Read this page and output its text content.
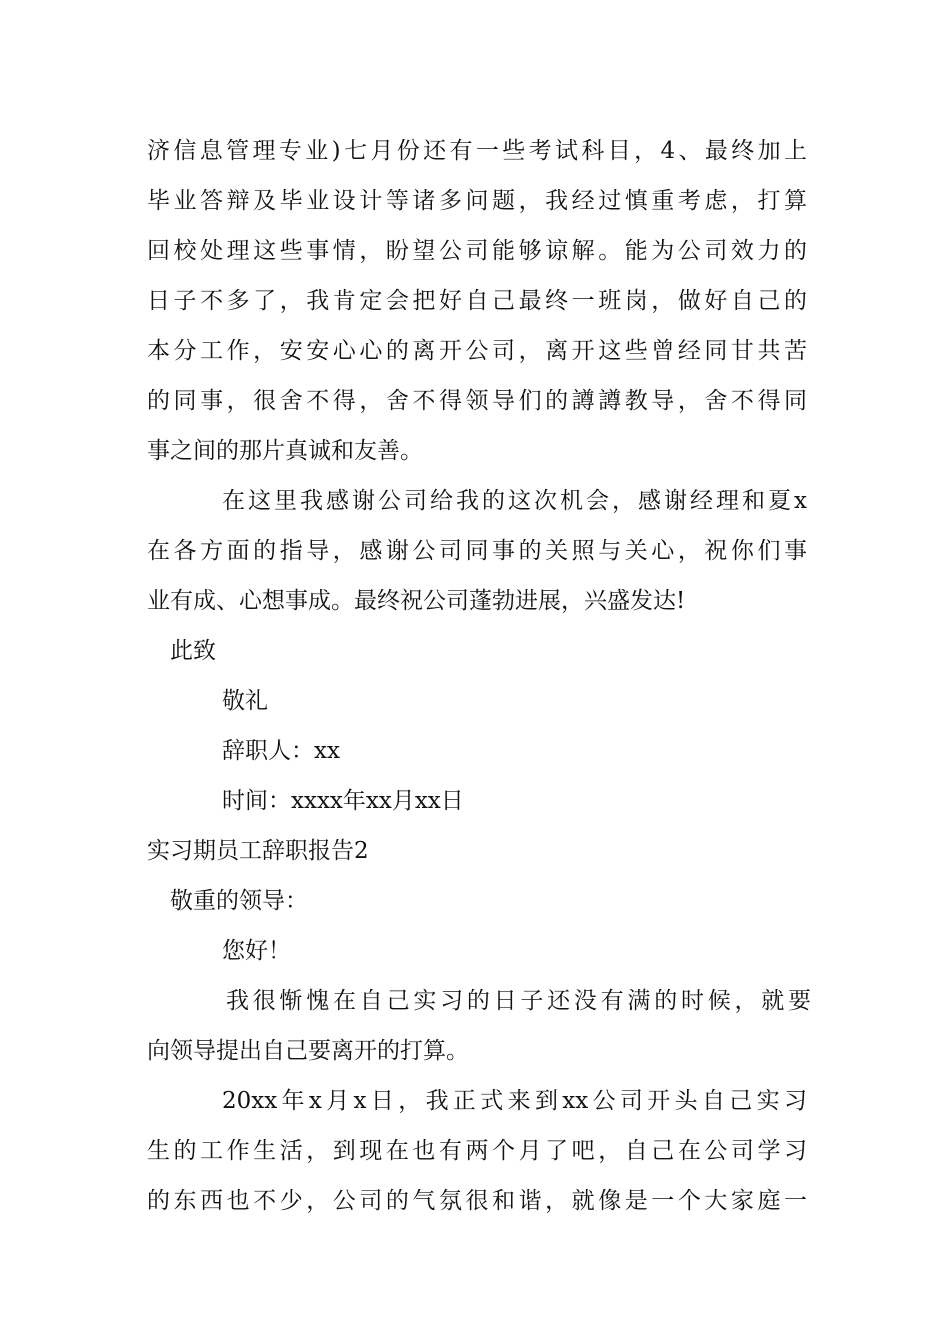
济信息管理专业)七月份还有一些考试科目，4、最终加上
毕业答辩及毕业设计等诸多问题，我经过慎重考虑，打算
回校处理这些事情，盼望公司能够谅解。能为公司效力的
日子不多了，我肯定会把好自己最终一班岗，做好自己的
本分工作，安安心心的离开公司，离开这些曾经同甘共苦
的同事，很舍不得，舍不得领导们的譐譐教导，舍不得同
事之间的那片真诚和友善。
在这里我感谢公司给我的这次机会，感谢经理和夏x
在各方面的指导，感谢公司同事的关照与关心，祝你们事
业有成、心想事成。最终祝公司蓬勃进展，兴盛发达!
此致
敬礼
辞职人：xx
时间：xxxx年xx月xx日
实习期员工辞职报告2
敬重的领导：
您好！
我很惭愧在自己实习的日子还没有满的时候，就要
向领导提出自己要离开的打算。
20xx年x月x日，我正式来到xx公司开头自己实习
生的工作生活，到现在也有两个月了吧，自己在公司学习
的东西也不少，公司的气氛很和谐，就像是一个大家庭一
